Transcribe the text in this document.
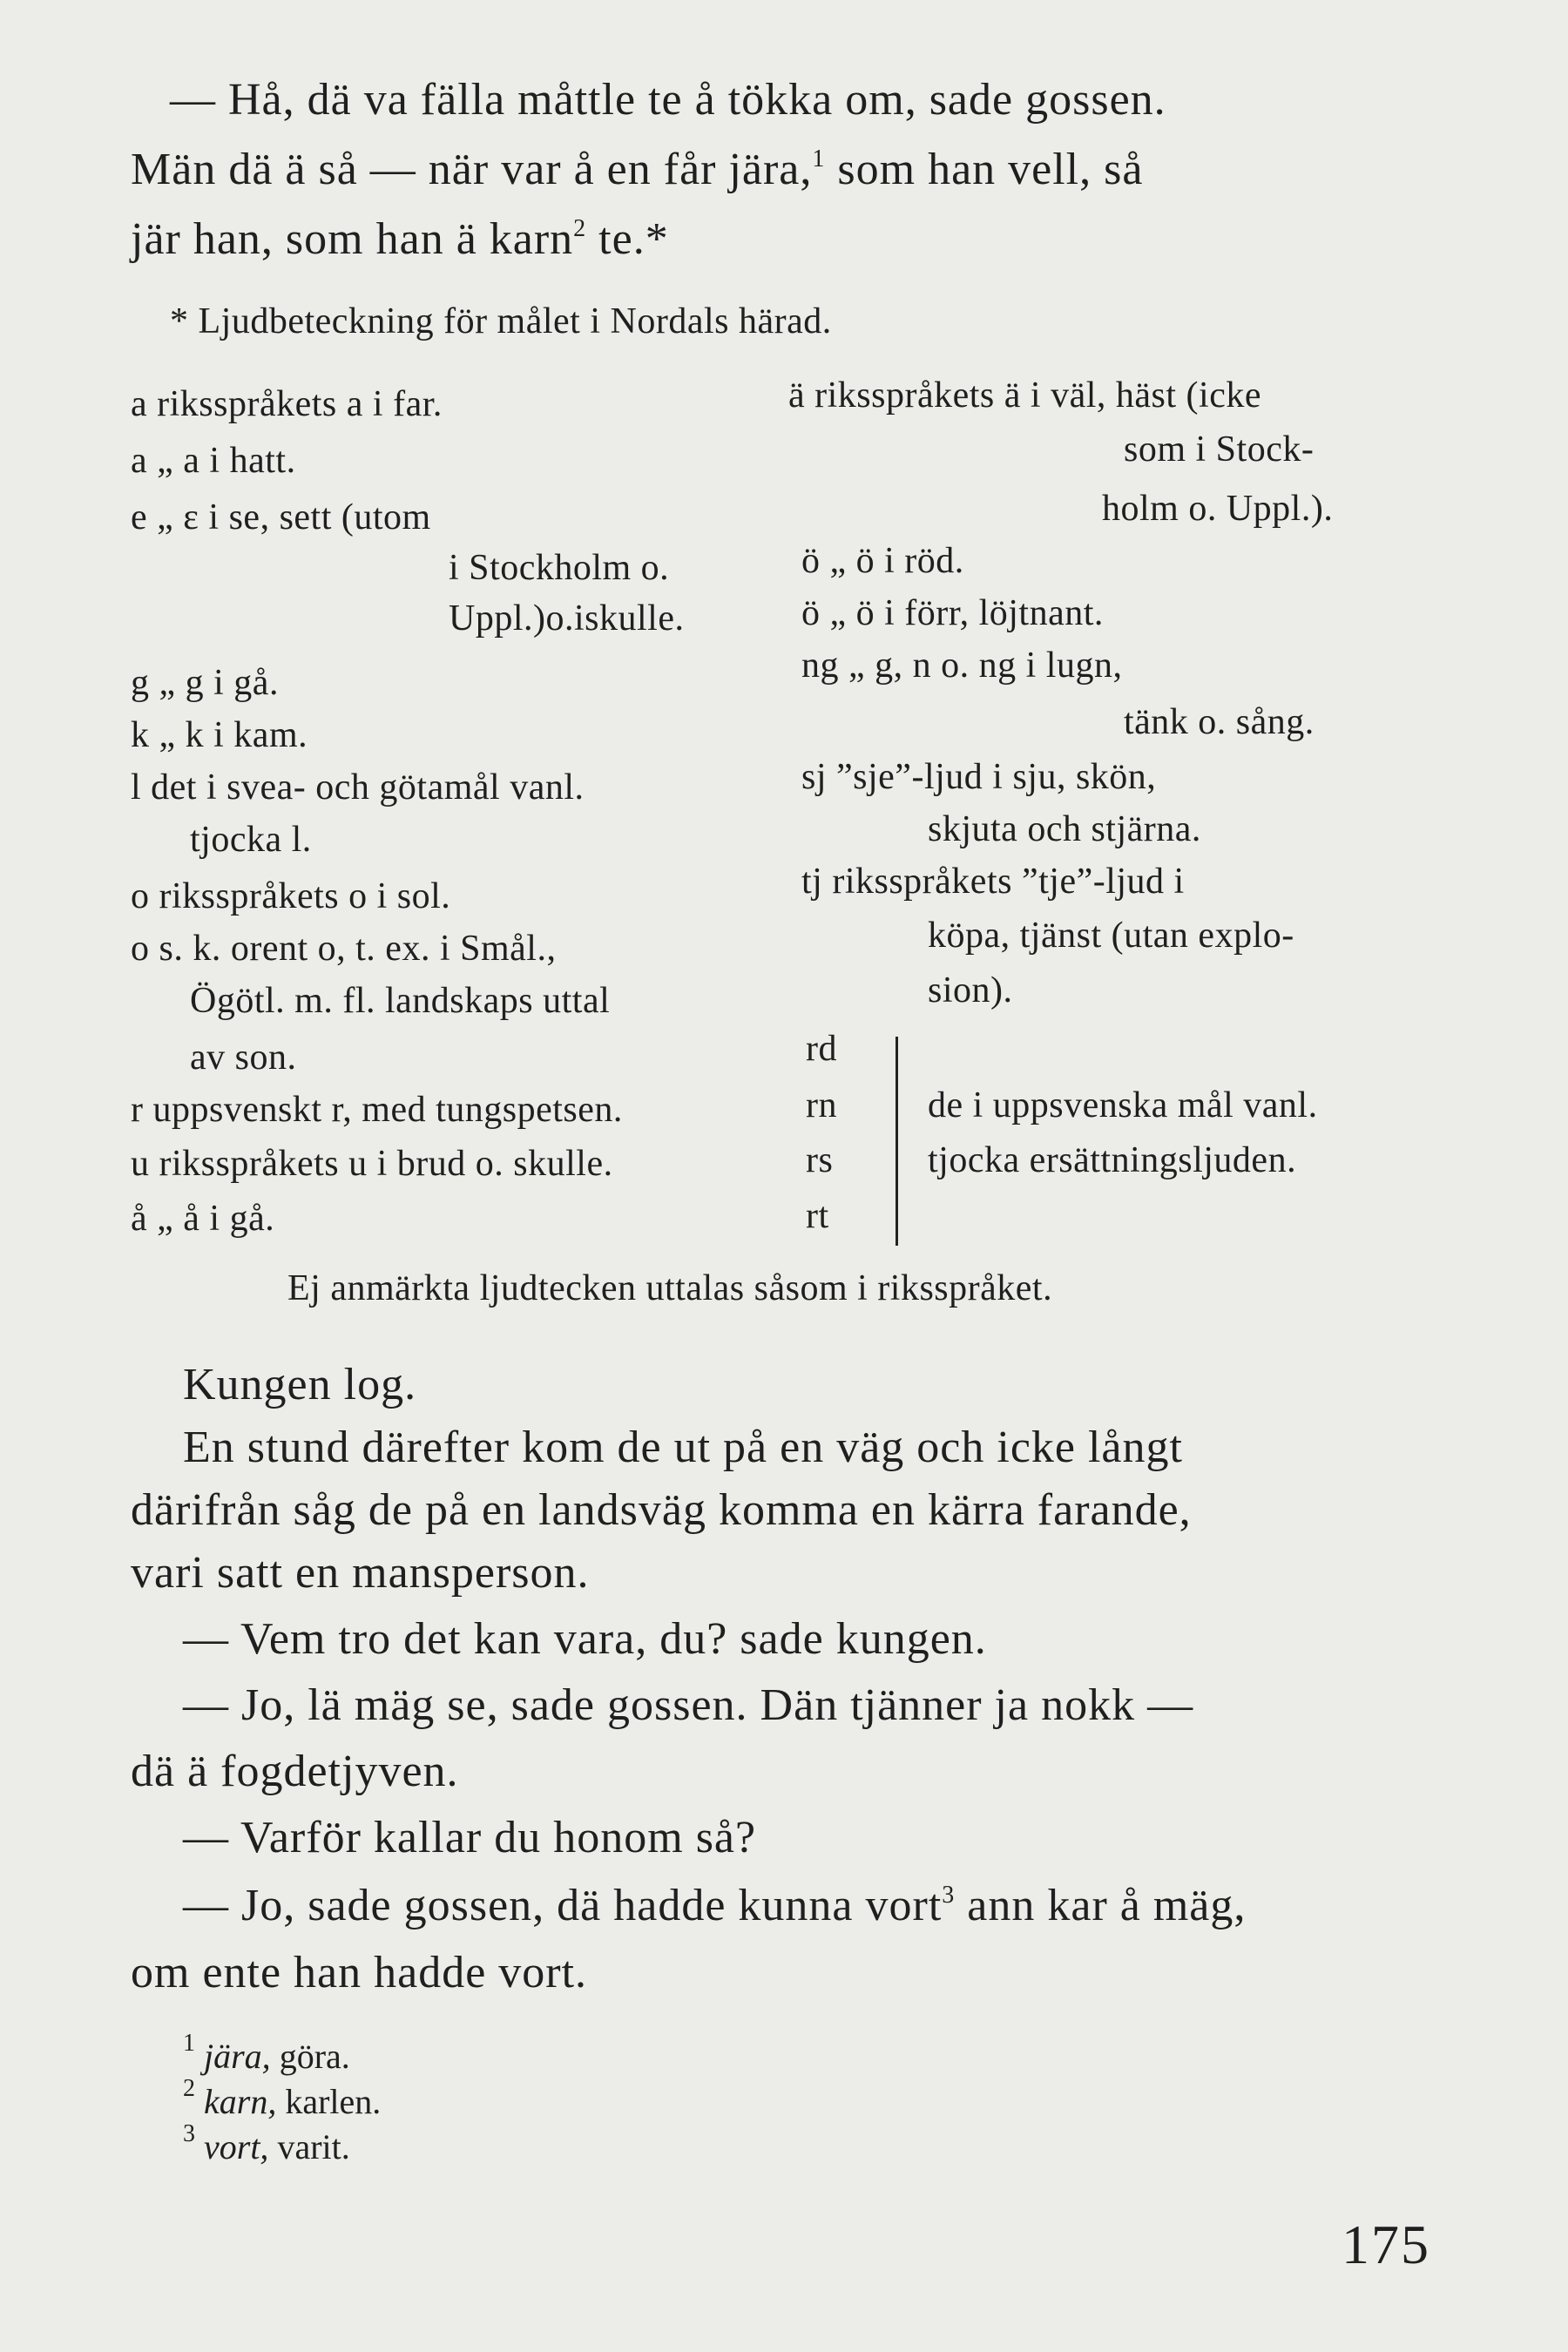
— Hå, dä va fälla måttle te å tökka om, sade gossen.
Män dä ä så — när var å en får jära,$^1$ som han vell, så
jär han, som han ä karn$^2$ te.*
* Ljudbeteckning för målet i Nordals härad.
a riksspråkets a i far.
a „ a i hatt.
e „ ɛ i se, sett (utom
i Stockholm o.
Uppl.)o.iskulle.
g „ g i gå.
k „ k i kam.
l det i svea- och götamål vanl.
tjocka l.
o riksspråkets o i sol.
o s. k. orent o, t. ex. i Smål.,
Ögötl. m. fl. landskaps uttal
av son.
r uppsvenskt r, med tungspetsen.
u riksspråkets u i brud o. skulle.
å „ å i gå.
ä riksspråkets ä i väl, häst (icke
som i Stock-
holm o. Uppl.).
ö „ ö i röd.
ö „ ö i förr, löjtnant.
ng „ g, n o. ng i lugn,
tänk o. sång.
sj ”sje”-ljud i sju, skön,
skjuta och stjärna.
tj riksspråkets ”tje”-ljud i
köpa, tjänst (utan explo-
sion).
rd
rn
rs
rt
de i uppsvenska mål vanl.
tjocka ersättningsljuden.
Ej anmärkta ljudtecken uttalas såsom i riksspråket.
Kungen log.
En stund därefter kom de ut på en väg och icke långt
därifrån såg de på en landsväg komma en kärra farande,
vari satt en mansperson.
— Vem tro det kan vara, du? sade kungen.
— Jo, lä mäg se, sade gossen. Dän tjänner ja nokk —
dä ä fogdetjyven.
— Varför kallar du honom så?
— Jo, sade gossen, dä hadde kunna vort$^3$ ann kar å mäg,
om ente han hadde vort.
$^1$ jära, göra.
$^2$ karn, karlen.
$^3$ vort, varit.
175
